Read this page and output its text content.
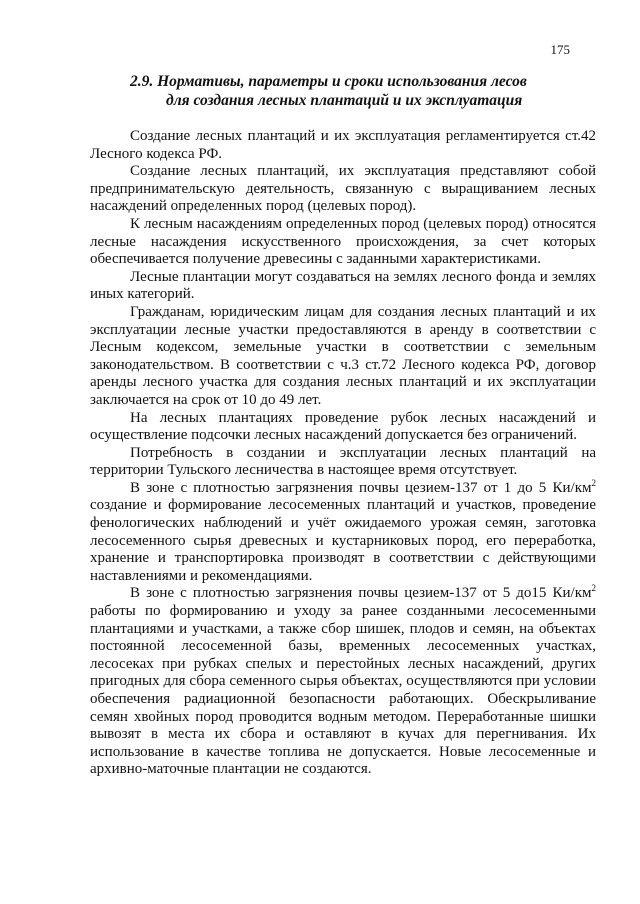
175
2.9. Нормативы, параметры и сроки использования лесов
для создания лесных плантаций и их эксплуатация

Создание лесных плантаций и их эксплуатация регламентируется ст.42 Лесного кодекса РФ.

Создание лесных плантаций, их эксплуатация представляют собой предпринимательскую деятельность, связанную с выращиванием лесных насаждений определенных пород (целевых пород).

К лесным насаждениям определенных пород (целевых пород) относятся лесные насаждения искусственного происхождения, за счет которых обеспечивается получение древесины с заданными характеристиками.

Лесные плантации могут создаваться на землях лесного фонда и землях иных категорий.

Гражданам, юридическим лицам для создания лесных плантаций и их эксплуатации лесные участки предоставляются в аренду в соответствии с Лесным кодексом, земельные участки в соответствии с земельным законодательством. В соответствии с ч.3 ст.72 Лесного кодекса РФ, договор аренды лесного участка для создания лесных плантаций и их эксплуатации заключается на срок от 10 до 49 лет.

На лесных плантациях проведение рубок лесных насаждений и осуществление подсочки лесных насаждений допускается без ограничений.

Потребность в создании и эксплуатации лесных плантаций на территории Тульского лесничества в настоящее время отсутствует.

В зоне с плотностью загрязнения почвы цезием-137 от 1 до 5 $Ки/км^2$ создание и формирование лесосеменных плантаций и участков, проведение фенологических наблюдений и учёт ожидаемого урожая семян, заготовка лесосеменного сырья древесных и кустарниковых пород, его переработка, хранение и транспортировка производят в соответствии с действующими наставлениями и рекомендациями.

В зоне с плотностью загрязнения почвы цезием-137 от 5 до15 $Ки/км^2$ работы по формированию и уходу за ранее созданными лесосеменными плантациями и участками, а также сбор шишек, плодов и семян, на объектах постоянной лесосеменной базы, временных лесосеменных участках, лесосеках при рубках спелых и перестойных лесных насаждений, других пригодных для сбора семенного сырья объектах, осуществляются при условии обеспечения радиационной безопасности работающих. Обескрыливание семян хвойных пород проводится водным методом. Переработанные шишки вывозят в места их сбора и оставляют в кучах для перегнивания. Их использование в качестве топлива не допускается. Новые лесосеменные и архивно-маточные плантации не создаются.
